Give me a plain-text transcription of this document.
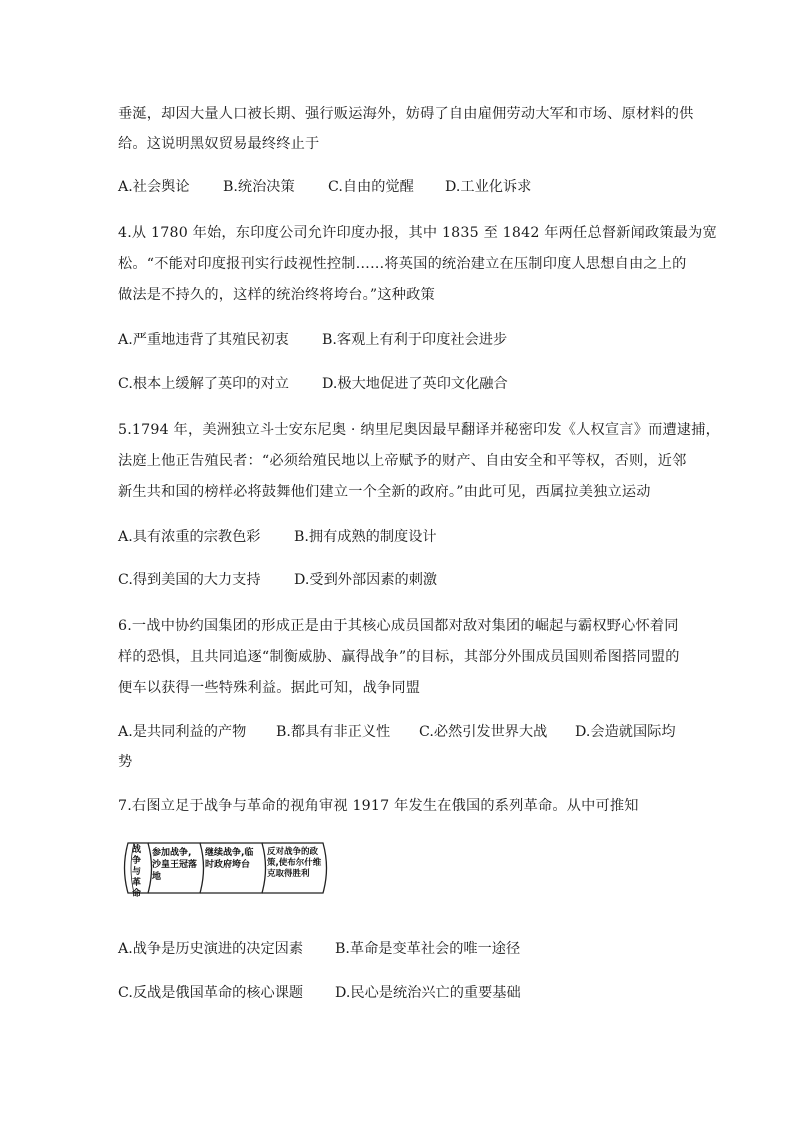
垂涎，却因大量人口被长期、强行贩运海外，妨碍了自由雇佣劳动大军和市场、原材料的供
给。这说明黑奴贸易最终终止于
A.社会舆论 B.统治决策 C.自由的觉醒 D.工业化诉求
4.从 1780 年始，东印度公司允许印度办报，其中 1835 至 1842 年两任总督新闻政策最为宽
松。“不能对印度报刊实行歧视性控制……将英国的统治建立在压制印度人思想自由之上的
做法是不持久的，这样的统治终将垮台。”这种政策
A.严重地违背了其殖民初衷 B.客观上有利于印度社会进步
C.根本上缓解了英印的对立 D.极大地促进了英印文化融合
5.1794 年，美洲独立斗士安东尼奥 · 纳里尼奥因最早翻译并秘密印发《人权宣言》而遭逮捕，
法庭上他正告殖民者：“必须给殖民地以上帝赋予的财产、自由安全和平等权，否则，近邻
新生共和国的榜样必将鼓舞他们建立一个全新的政府。”由此可见，西属拉美独立运动
A.具有浓重的宗教色彩 B.拥有成熟的制度设计
C.得到美国的大力支持 D.受到外部因素的刺激
6.一战中协约国集团的形成正是由于其核心成员国都对敌对集团的崛起与霸权野心怀着同
样的恐惧，且共同追逐“制衡威胁、赢得战争”的目标，其部分外围成员国则希图搭同盟的
便车以获得一些特殊利益。据此可知，战争同盟
A.是共同利益的产物 B.都具有非正义性 C.必然引发世界大战 D.会造就国际均
势
7.右图立足于战争与革命的视角审视 1917 年发生在俄国的系列革命。从中可推知
战争与革命
参加战争,沙皇王冠落地
继续战争,临时政府垮台
反对战争的政策,使布尔什维克取得胜利
A.战争是历史演进的决定因素 B.革命是变革社会的唯一途径
C.反战是俄国革命的核心课题 D.民心是统治兴亡的重要基础
